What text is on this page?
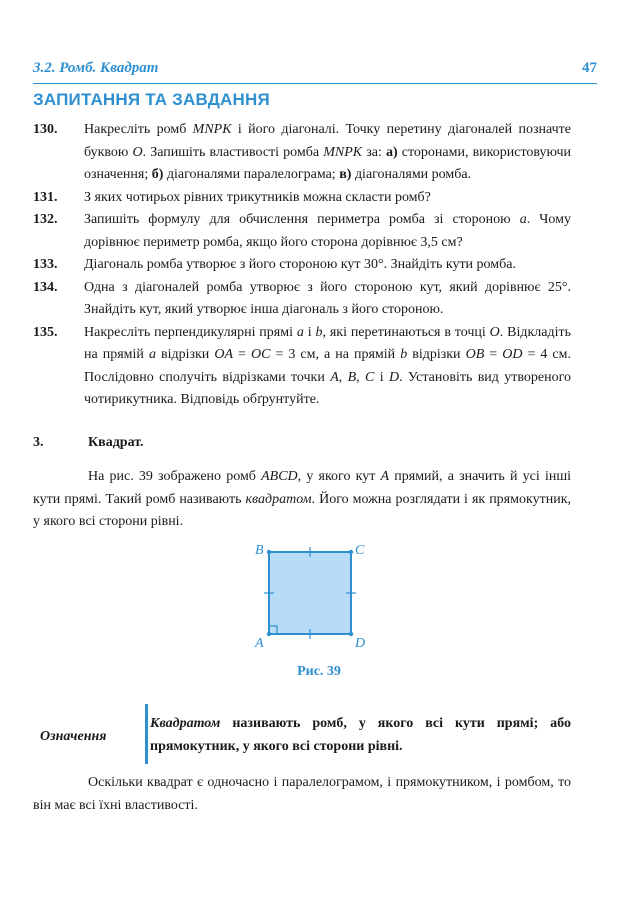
3.2. Ромб. Квадрат	47
ЗАПИТАННЯ ТА ЗАВДАННЯ
130. Накресліть ромб MNPK і його діагоналі. Точку перетину діагоналей позначте буквою O. Запишіть властивості ромба MNPK за: а) сторонами, використовуючи означення; б) діагоналями паралелограма; в) діагоналями ромба.
131. З яких чотирьох рівних трикутників можна скласти ромб?
132. Запишіть формулу для обчислення периметра ромба зі стороною a. Чому дорівнює периметр ромба, якщо його сторона дорівнює 3,5 см?
133. Діагональ ромба утворює з його стороною кут 30°. Знайдіть кути ромба.
134. Одна з діагоналей ромба утворює з його стороною кут, який дорівнює 25°. Знайдіть кут, який утворює інша діагональ з його стороною.
135. Накресліть перпендикулярні прямі a і b, які перетинаються в точці O. Відкладіть на прямій a відрізки OA = OC = 3 см, а на прямій b відрізки OB = OD = 4 см. Послідовно сполучіть відрізками точки A, B, C і D. Установіть вид утвореного чотирикутника. Відповідь обґрунтуйте.
3.	Квадрат.
На рис. 39 зображено ромб ABCD, у якого кут A прямий, а значить й усі інші кути прямі. Такий ромб називають квадратом. Його можна розглядати і як прямокутник, у якого всі сторони рівні.
B	C
A	D
Рис. 39
Означення
Квадратом називають ромб, у якого всі кути прямі; або прямокутник, у якого всі сторони рівні.
Оскільки квадрат є одночасно і паралелограмом, і прямокутником, і ромбом, то він має всі їхні властивості.
